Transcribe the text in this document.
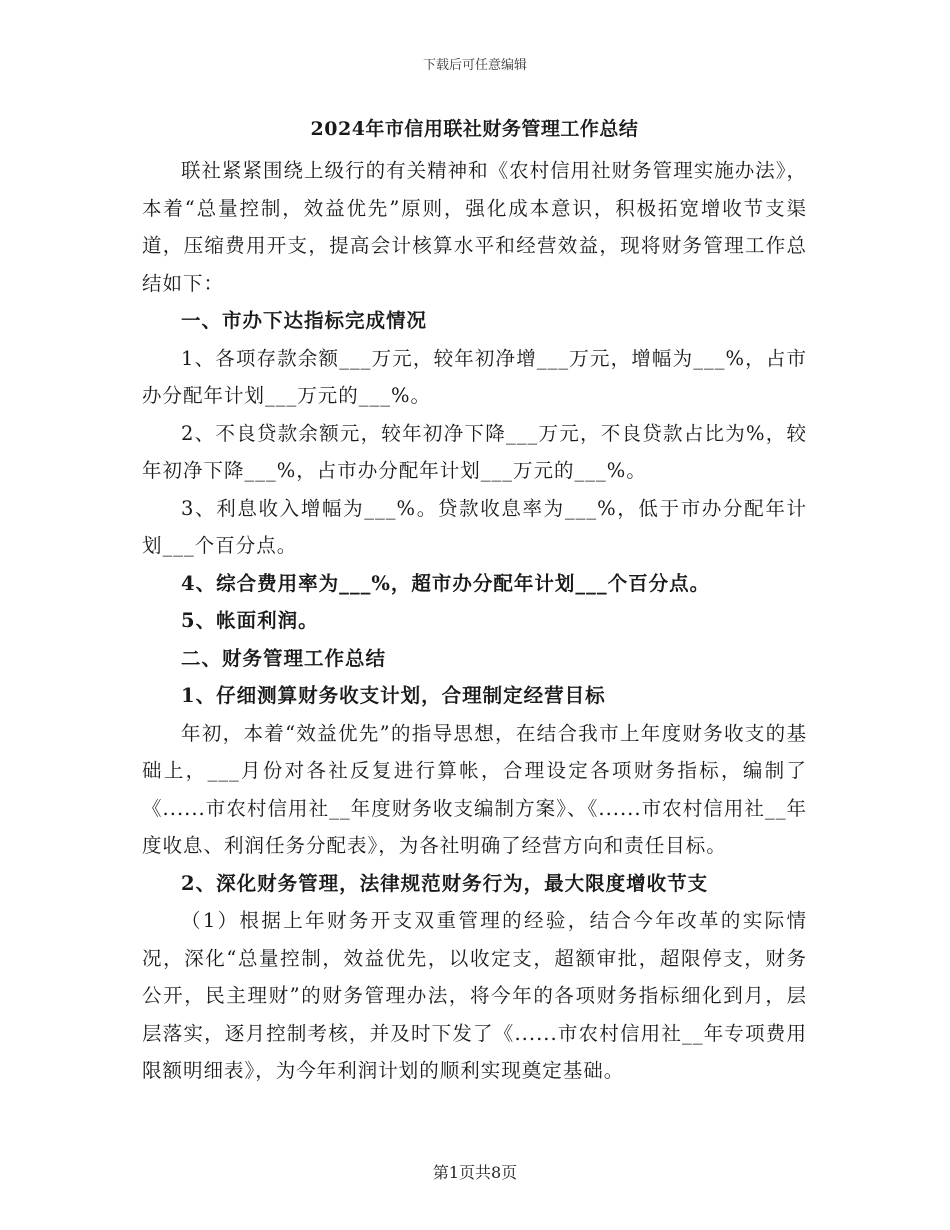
下载后可任意编辑
2024年市信用联社财务管理工作总结

联社紧紧围绕上级行的有关精神和《农村信用社财务管理实施办法》，本着“总量控制，效益优先”原则，强化成本意识，积极拓宽增收节支渠道，压缩费用开支，提高会计核算水平和经营效益，现将财务管理工作总结如下：

一、市办下达指标完成情况

1、各项存款余额___万元，较年初净增___万元，增幅为___%，占市办分配年计划___万元的___%。

2、不良贷款余额元，较年初净下降___万元，不良贷款占比为%，较年初净下降___%，占市办分配年计划___万元的___%。

3、利息收入增幅为___%。贷款收息率为___%，低于市办分配年计划___个百分点。

4、综合费用率为___%，超市办分配年计划___个百分点。

5、帐面利润。

二、财务管理工作总结

1、仔细测算财务收支计划，合理制定经营目标

年初，本着“效益优先”的指导思想，在结合我市上年度财务收支的基础上，___月份对各社反复进行算帐，合理设定各项财务指标，编制了《......市农村信用社__年度财务收支编制方案》、《......市农村信用社__年度收息、利润任务分配表》，为各社明确了经营方向和责任目标。

2、深化财务管理，法律规范财务行为，最大限度增收节支

（1）根据上年财务开支双重管理的经验，结合今年改革的实际情况，深化“总量控制，效益优先，以收定支，超额审批，超限停支，财务公开，民主理财”的财务管理办法，将今年的各项财务指标细化到月，层层落实，逐月控制考核，并及时下发了《......市农村信用社__年专项费用限额明细表》，为今年利润计划的顺利实现奠定基础。

第1页共8页
